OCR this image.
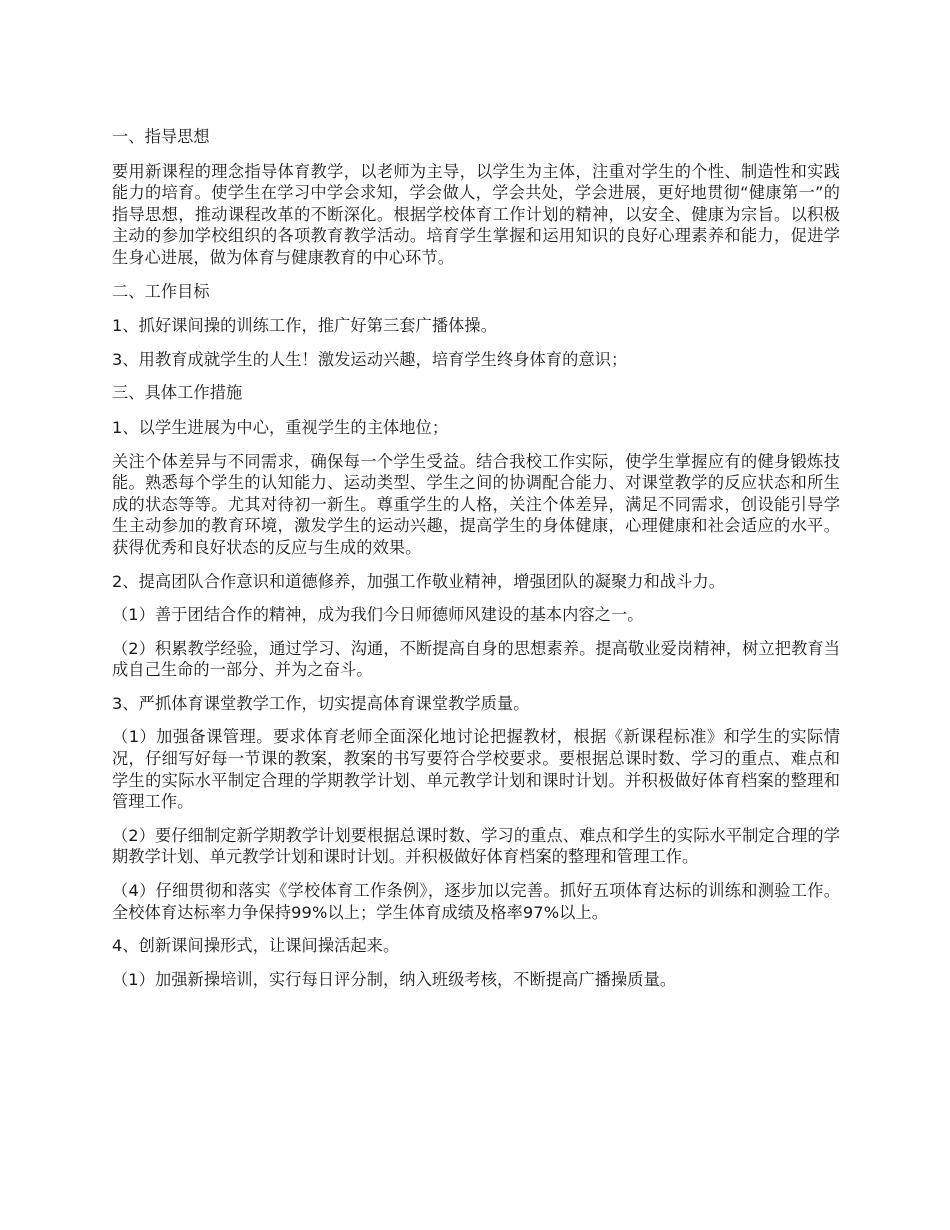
一、指导思想

要用新课程的理念指导体育教学，以老师为主导，以学生为主体，注重对学生的个性、制造性和实践能力的培育。使学生在学习中学会求知，学会做人，学会共处，学会进展，更好地贯彻“健康第一”的指导思想，推动课程改革的不断深化。根据学校体育工作计划的精神，以安全、健康为宗旨。以积极主动的参加学校组织的各项教育教学活动。培育学生掌握和运用知识的良好心理素养和能力，促进学生身心进展，做为体育与健康教育的中心环节。

二、工作目标

1、抓好课间操的训练工作，推广好第三套广播体操。

3、用教育成就学生的人生！激发运动兴趣，培育学生终身体育的意识；

三、具体工作措施

1、以学生进展为中心，重视学生的主体地位；

关注个体差异与不同需求，确保每一个学生受益。结合我校工作实际，使学生掌握应有的健身锻炼技能。熟悉每个学生的认知能力、运动类型、学生之间的协调配合能力、对课堂教学的反应状态和所生成的状态等等。尤其对待初一新生。尊重学生的人格，关注个体差异，满足不同需求，创设能引导学生主动参加的教育环境，激发学生的运动兴趣，提高学生的身体健康，心理健康和社会适应的水平。获得优秀和良好状态的反应与生成的效果。

2、提高团队合作意识和道德修养，加强工作敬业精神，增强团队的凝聚力和战斗力。

（1）善于团结合作的精神，成为我们今日师德师风建设的基本内容之一。

（2）积累教学经验，通过学习、沟通，不断提高自身的思想素养。提高敬业爱岗精神，树立把教育当成自己生命的一部分、并为之奋斗。

3、严抓体育课堂教学工作，切实提高体育课堂教学质量。

（1）加强备课管理。要求体育老师全面深化地讨论把握教材，根据《新课程标准》和学生的实际情况，仔细写好每一节课的教案，教案的书写要符合学校要求。要根据总课时数、学习的重点、难点和学生的实际水平制定合理的学期教学计划、单元教学计划和课时计划。并积极做好体育档案的整理和管理工作。

（2）要仔细制定新学期教学计划要根据总课时数、学习的重点、难点和学生的实际水平制定合理的学期教学计划、单元教学计划和课时计划。并积极做好体育档案的整理和管理工作。

（4）仔细贯彻和落实《学校体育工作条例》，逐步加以完善。抓好五项体育达标的训练和测验工作。全校体育达标率力争保持99%以上；学生体育成绩及格率97%以上。

4、创新课间操形式，让课间操活起来。

（1）加强新操培训，实行每日评分制，纳入班级考核，不断提高广播操质量。
